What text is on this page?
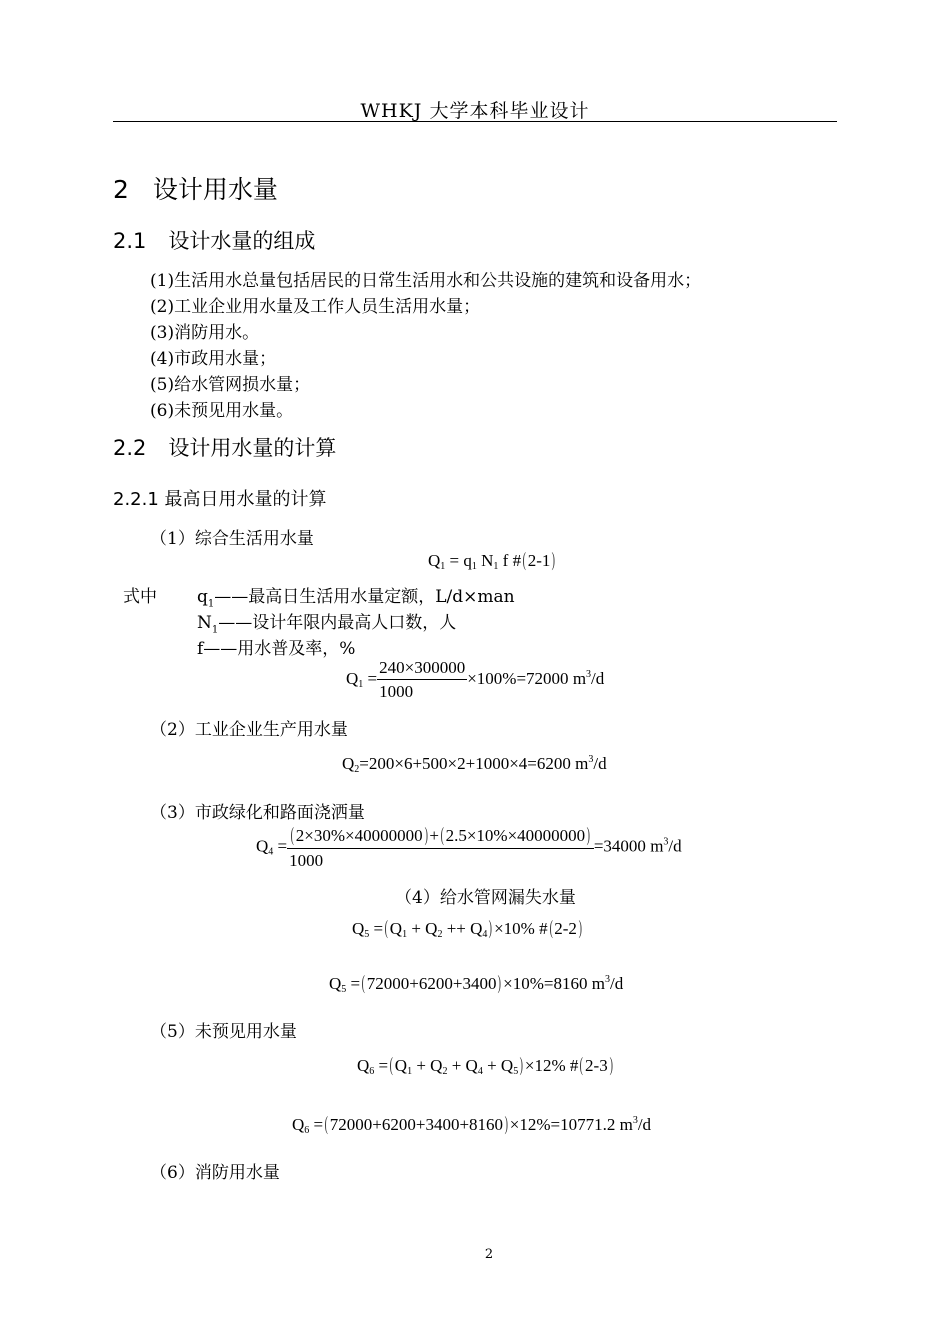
WHKJ 大学本科毕业设计
2 设计用水量
2.1 设计水量的组成
(1)生活用水总量包括居民的日常生活用水和公共设施的建筑和设备用水；
(2)工业企业用水量及工作人员生活用水量；
(3)消防用水。
(4)市政用水量；
(5)给水管网损水量；
(6)未预见用水量。
2.2 设计用水量的计算
2.2.1 最高日用水量的计算
（1）综合生活用水量
$Q_1 = q_1$ $N_1$ f #(2-1)
式中 $q_1——$最高日生活用水量定额，L/d×man
$N_1——$设计年限内最高人口数，人
f——用水普及率，%
$Q_1 = \frac{240\times 300000}{1000} \times 100\%=72000$ $m^3/d$
（2）工业企业生产用水量
$Q_2=200\times 6+500\times 2+1000\times 4=6200$ $m^3/d$
（3）市政绿化和路面浇洒量
$Q_4 = \frac{(2\times 30\%\times 40000000)+(2.5\times 10\%\times 40000000)}{1000} =34000$ $m^3/d$
（4）给水管网漏失水量
$Q_5 =(Q_1 + Q_2 ++ Q_4)\times 10\%$ #(2-2)
$Q_5 =(72000+6200+3400)\times 10\%=8160$ $m^3/d$
（5）未预见用水量
$Q_6 =(Q_1 + Q_2 + Q_4 + Q_5)\times 12\%$ #(2-3)
$Q_6 =(72000+6200+3400+8160)\times 12\%=10771.2$ $m^3/d$
（6）消防用水量
2
